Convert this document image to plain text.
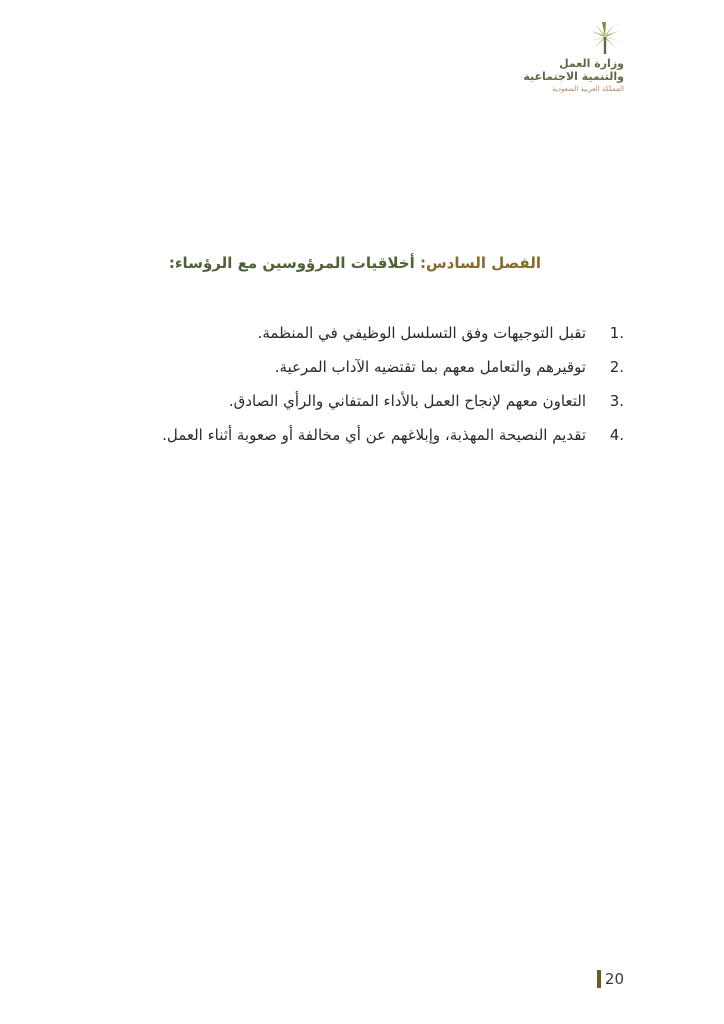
وزارة العمل
والتنمية الاجتماعية
المملكة العربية السعودية
الفصل السادس: أخلاقيات المرؤوسين مع الرؤساء:
1.
تقبل التوجيهات وفق التسلسل الوظيفي في المنظمة.
2.
توقيرهم والتعامل معهم بما تقتضيه الآداب المرعية.
3.
التعاون معهم لإنجاح العمل بالأداء المتفاني والرأي الصادق.
4.
تقديم النصيحة المهذبة، وإبلاغهم عن أي مخالفة أو صعوبة أثناء العمل.
20
